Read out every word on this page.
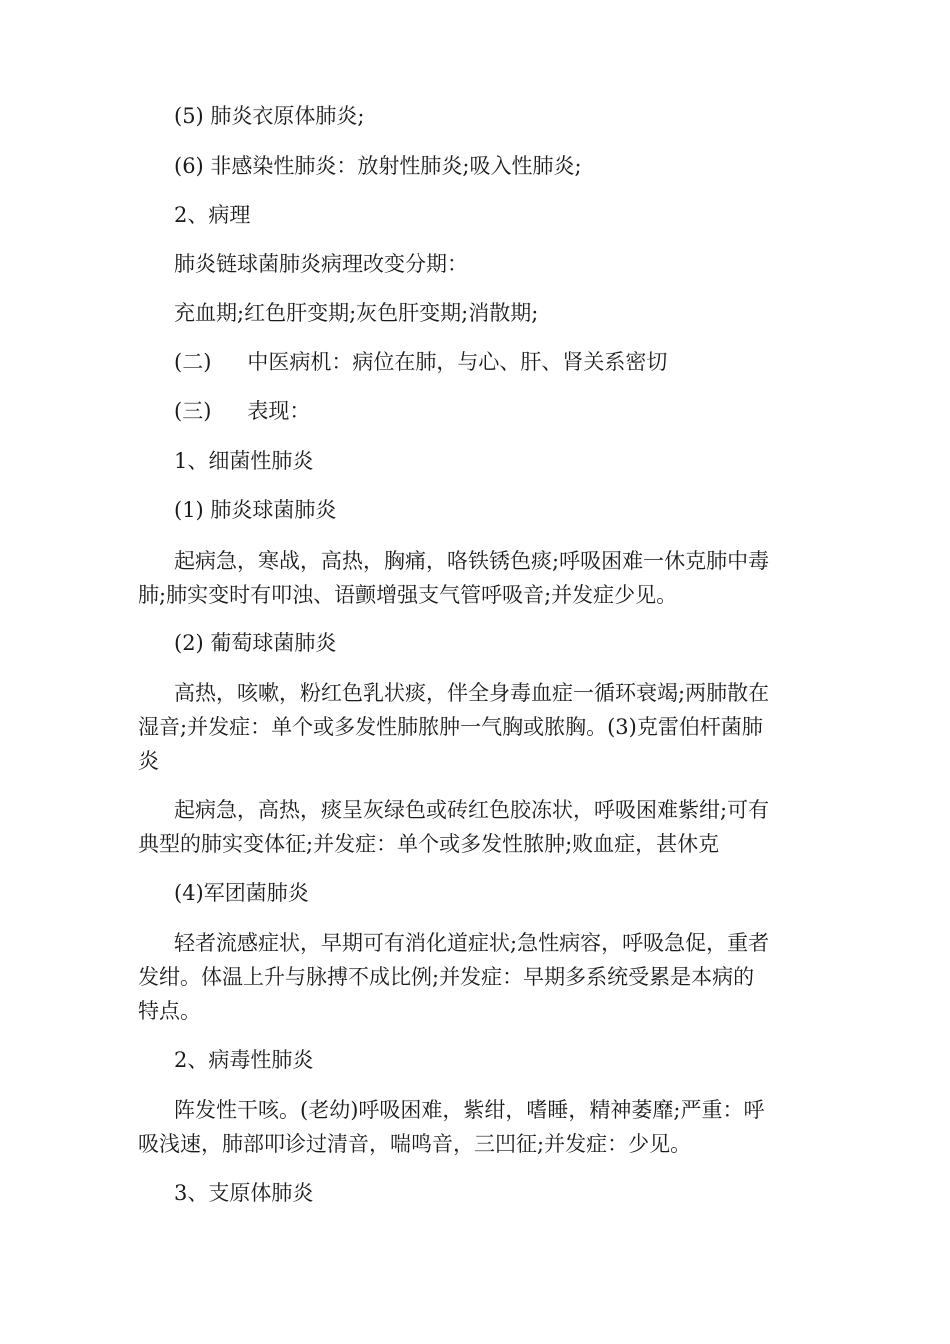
(5) 肺炎衣原体肺炎;
(6) 非感染性肺炎：放射性肺炎;吸入性肺炎;
2、病理
肺炎链球菌肺炎病理改变分期：
充血期;红色肝变期;灰色肝变期;消散期;
(二) 中医病机：病位在肺，与心、肝、肾关系密切
(三) 表现：
1、细菌性肺炎
(1) 肺炎球菌肺炎
起病急，寒战，高热，胸痛，咯铁锈色痰;呼吸困难一休克肺中毒
肺;肺实变时有叩浊、语颤增强支气管呼吸音;并发症少见。
(2) 葡萄球菌肺炎
高热，咳嗽，粉红色乳状痰，伴全身毒血症一循环衰竭;两肺散在
湿音;并发症：单个或多发性肺脓肿一气胸或脓胸。(3)克雷伯杆菌肺
炎
起病急，高热，痰呈灰绿色或砖红色胶冻状，呼吸困难紫绀;可有
典型的肺实变体征;并发症：单个或多发性脓肿;败血症，甚休克
(4)军团菌肺炎
轻者流感症状，早期可有消化道症状;急性病容，呼吸急促，重者
发绀。体温上升与脉搏不成比例;并发症：早期多系统受累是本病的
特点。
2、病毒性肺炎
阵发性干咳。(老幼)呼吸困难，紫绀，嗜睡，精神萎靡;严重：呼
吸浅速，肺部叩诊过清音，喘鸣音，三凹征;并发症：少见。
3、支原体肺炎
